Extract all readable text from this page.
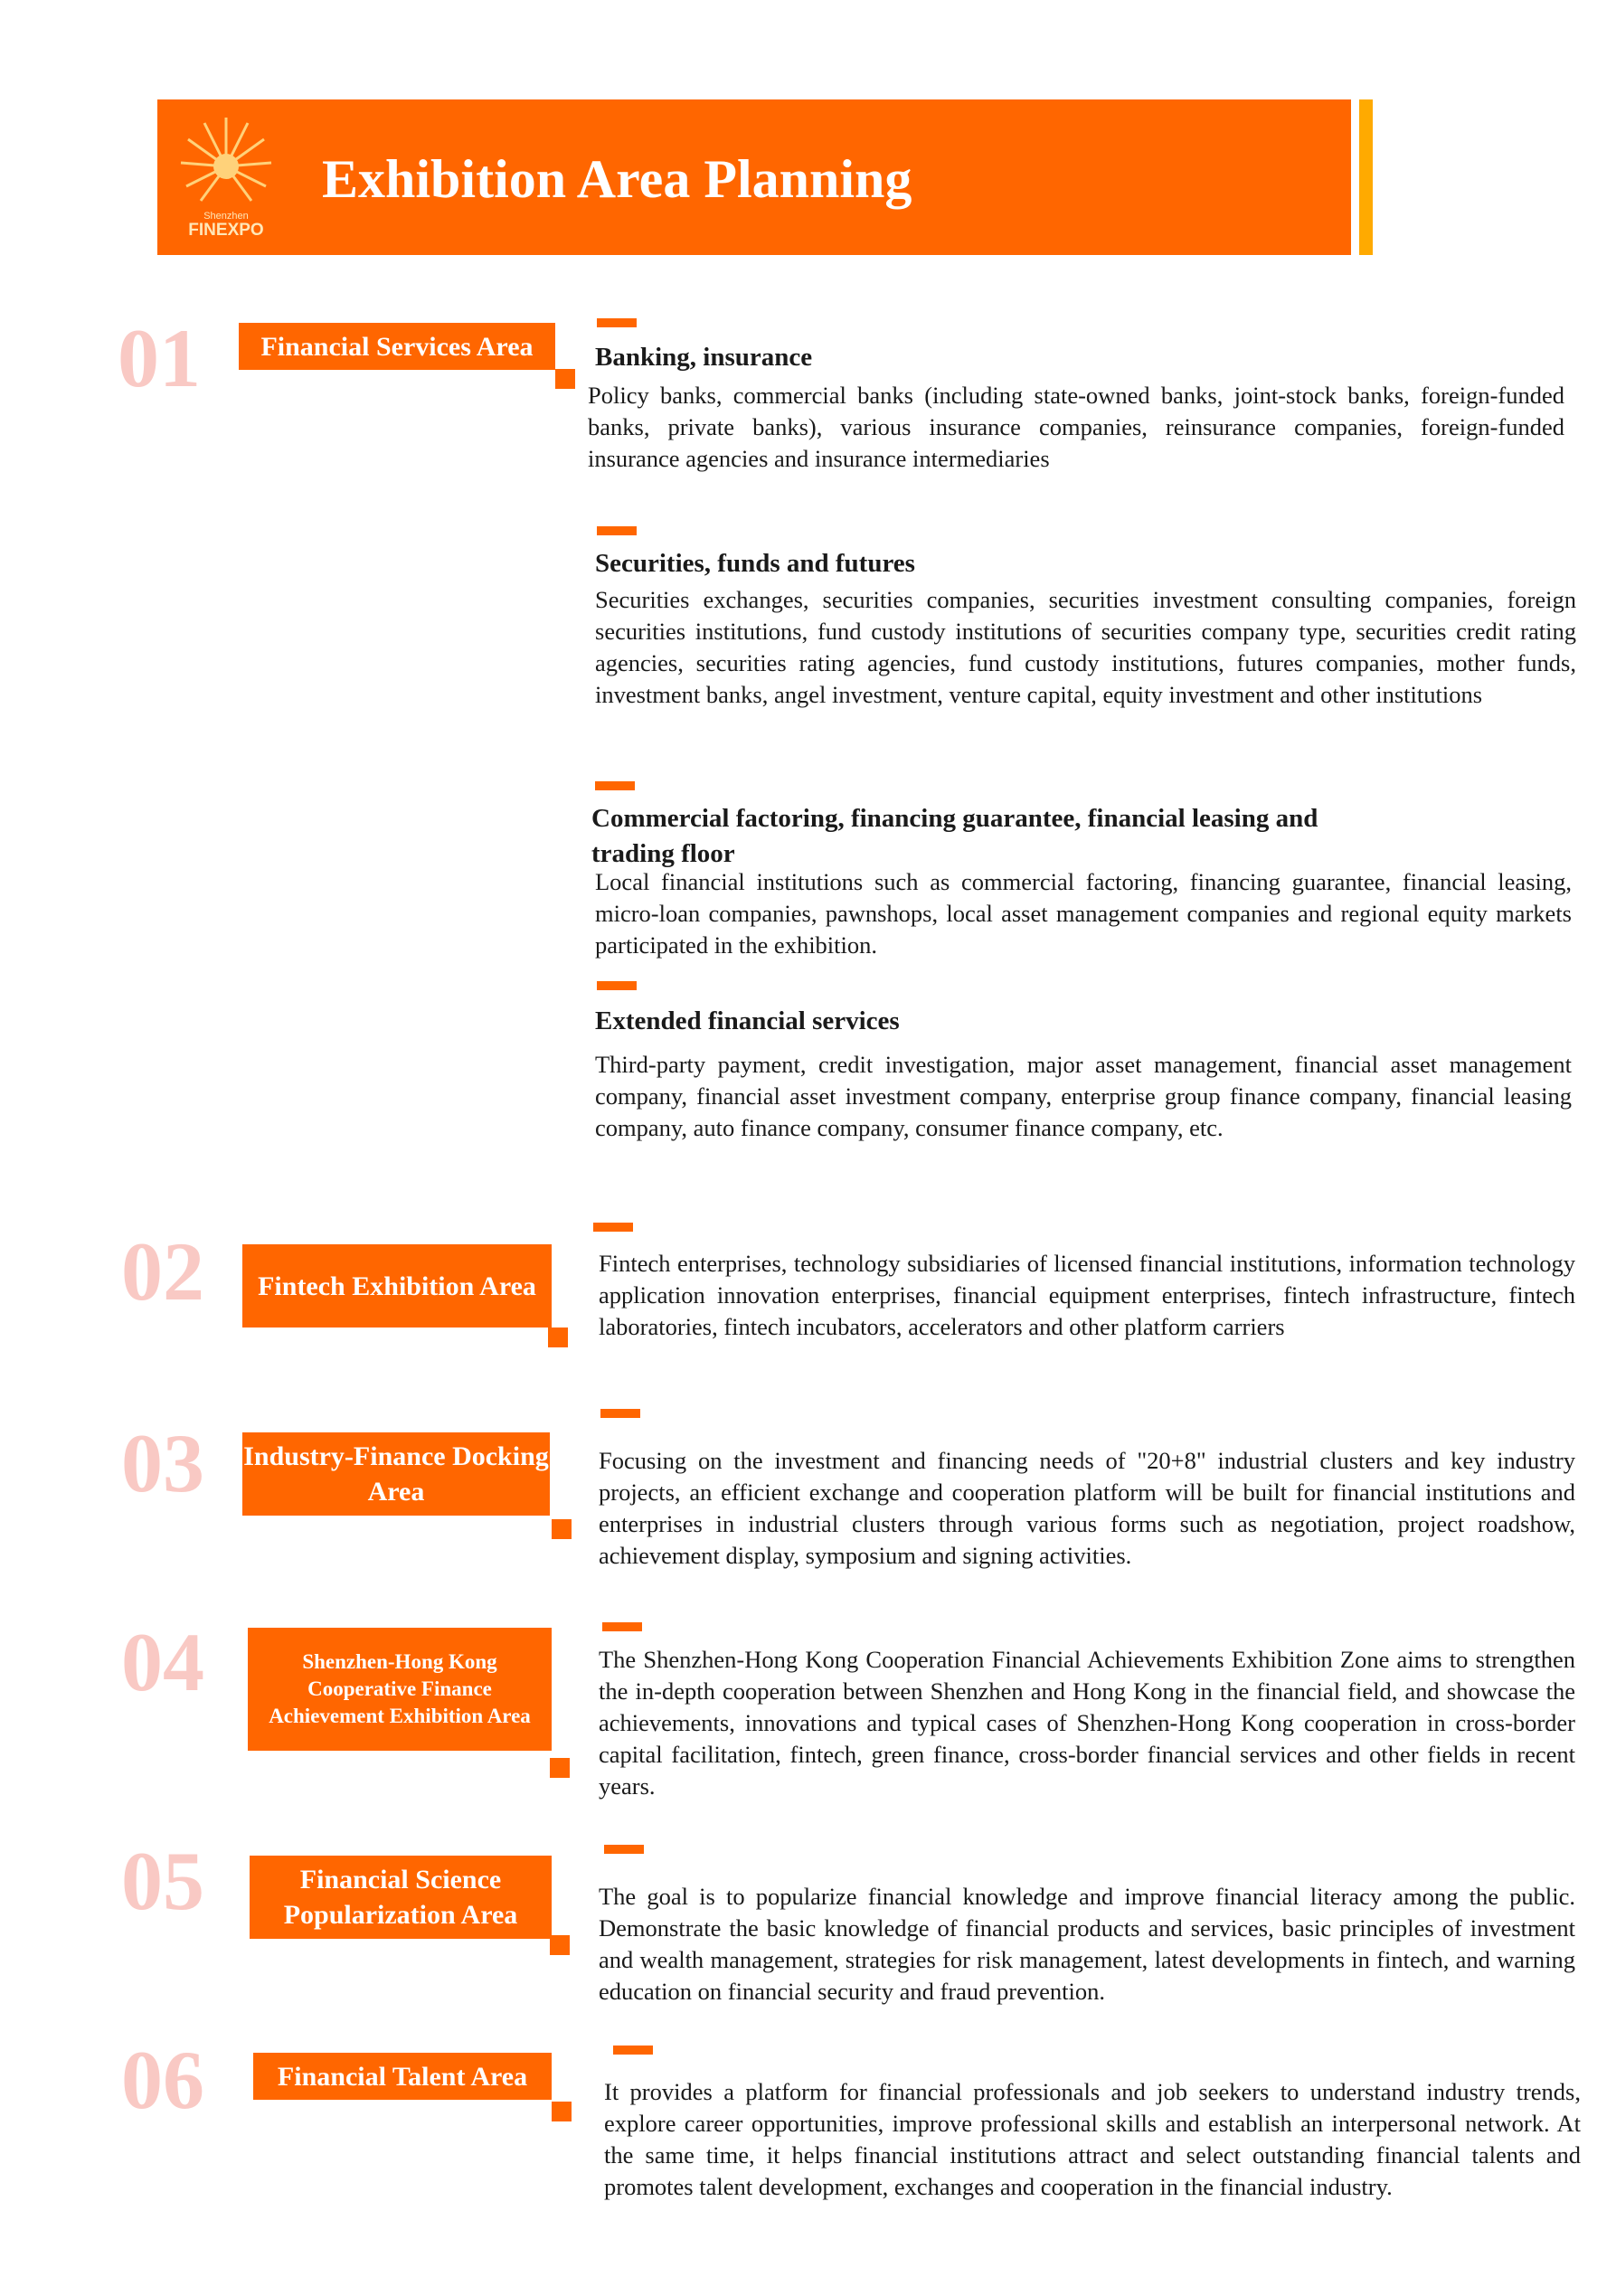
Shenzhen
FINEXPO
Exhibition Area Planning
01	Financial Services Area	Banking, insurance
Policy banks, commercial banks (including state-owned banks, joint-stock banks, foreign-funded banks, private banks), various insurance companies, reinsurance companies, foreign-funded insurance agencies and insurance intermediaries
Securities, funds and futures
Securities exchanges, securities companies, securities investment consulting companies, foreign securities institutions, fund custody institutions of securities company type, securities credit rating agencies, securities rating agencies, fund custody institutions, futures companies, mother funds, investment banks, angel investment, venture capital, equity investment and other institutions
Commercial factoring, financing guarantee, financial leasing and trading floor
Local financial institutions such as commercial factoring, financing guarantee, financial leasing, micro-loan companies, pawnshops, local asset management companies and regional equity markets participated in the exhibition.
Extended financial services
Third-party payment, credit investigation, major asset management, financial asset management company, financial asset investment company, enterprise group finance company, financial leasing company, auto finance company, consumer finance company, etc.
02	Fintech Exhibition Area
Fintech enterprises, technology subsidiaries of licensed financial institutions, information technology application innovation enterprises, financial equipment enterprises, fintech infrastructure, fintech laboratories, fintech incubators, accelerators and other platform carriers
03 Industry-Finance Docking Area
Focusing on the investment and financing needs of "20+8" industrial clusters and key industry projects, an efficient exchange and cooperation platform will be built for financial institutions and enterprises in industrial clusters through various forms such as negotiation, project roadshow, achievement display, symposium and signing activities.
04	Shenzhen-Hong Kong Cooperative Finance Achievement Exhibition Area
The Shenzhen-Hong Kong Cooperation Financial Achievements Exhibition Zone aims to strengthen the in-depth cooperation between Shenzhen and Hong Kong in the financial field, and showcase the achievements, innovations and typical cases of Shenzhen-Hong Kong cooperation in cross-border capital facilitation, fintech, green finance, cross-border financial services and other fields in recent years.
05	Financial Science Popularization Area
The goal is to popularize financial knowledge and improve financial literacy among the public. Demonstrate the basic knowledge of financial products and services, basic principles of investment and wealth management, strategies for risk management, latest developments in fintech, and warning education on financial security and fraud prevention.
06	Financial Talent Area
It provides a platform for financial professionals and job seekers to understand industry trends, explore career opportunities, improve professional skills and establish an interpersonal network. At the same time, it helps financial institutions attract and select outstanding financial talents and promotes talent development, exchanges and cooperation in the financial industry.
